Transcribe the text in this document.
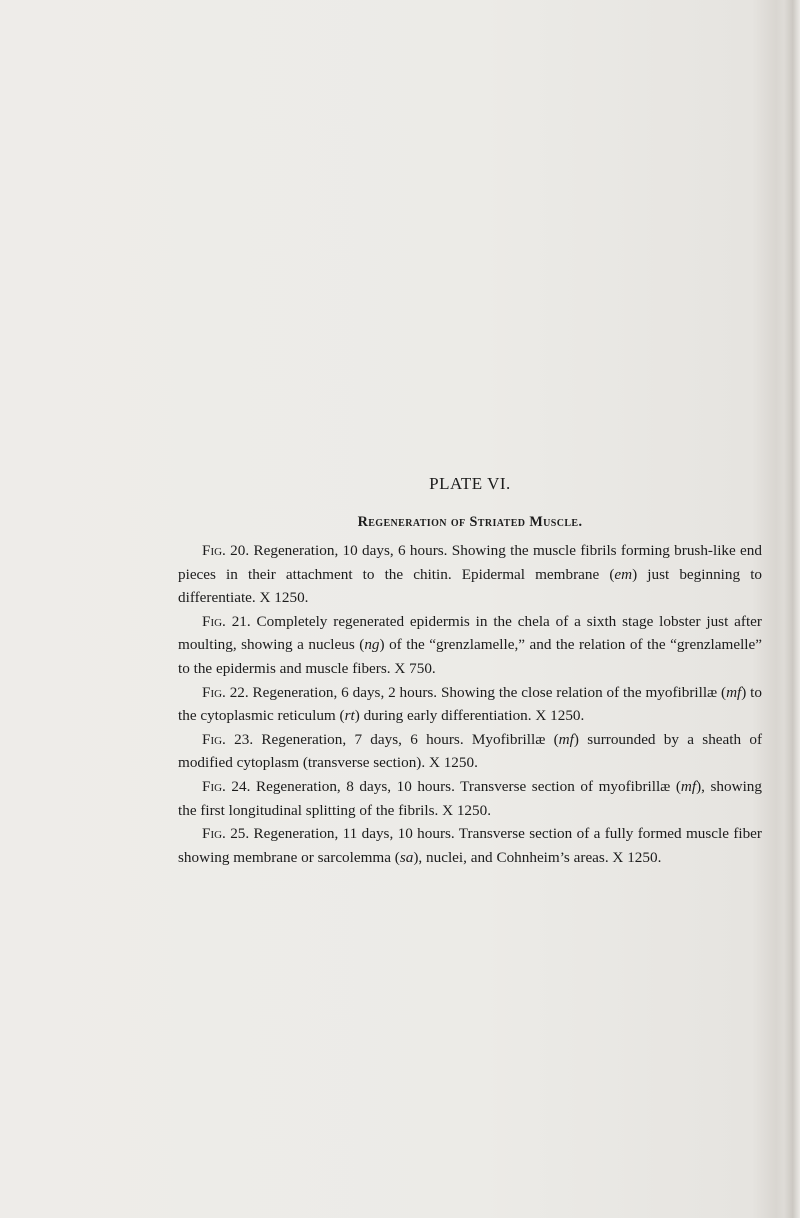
PLATE VI.
Regeneration of Striated Muscle.

Fig. 20. Regeneration, 10 days, 6 hours. Showing the muscle fibrils forming brush-like end pieces in their attachment to the chitin. Epidermal membrane (em) just beginning to differentiate. X 1250.

Fig. 21. Completely regenerated epidermis in the chela of a sixth stage lobster just after moulting, showing a nucleus (ng) of the “grenzlamelle,” and the relation of the “grenzlamelle” to the epidermis and muscle fibers. X 750.

Fig. 22. Regeneration, 6 days, 2 hours. Showing the close relation of the myofibrillæ (mf) to the cytoplasmic reticulum (rt) during early differentiation. X 1250.

Fig. 23. Regeneration, 7 days, 6 hours. Myofibrillæ (mf) surrounded by a sheath of modified cytoplasm (transverse section). X 1250.

Fig. 24. Regeneration, 8 days, 10 hours. Transverse section of myofibrillæ (mf), showing the first longitudinal splitting of the fibrils. X 1250.

Fig. 25. Regeneration, 11 days, 10 hours. Transverse section of a fully formed muscle fiber showing membrane or sarcolemma (sa), nuclei, and Cohnheim’s areas. X 1250.
